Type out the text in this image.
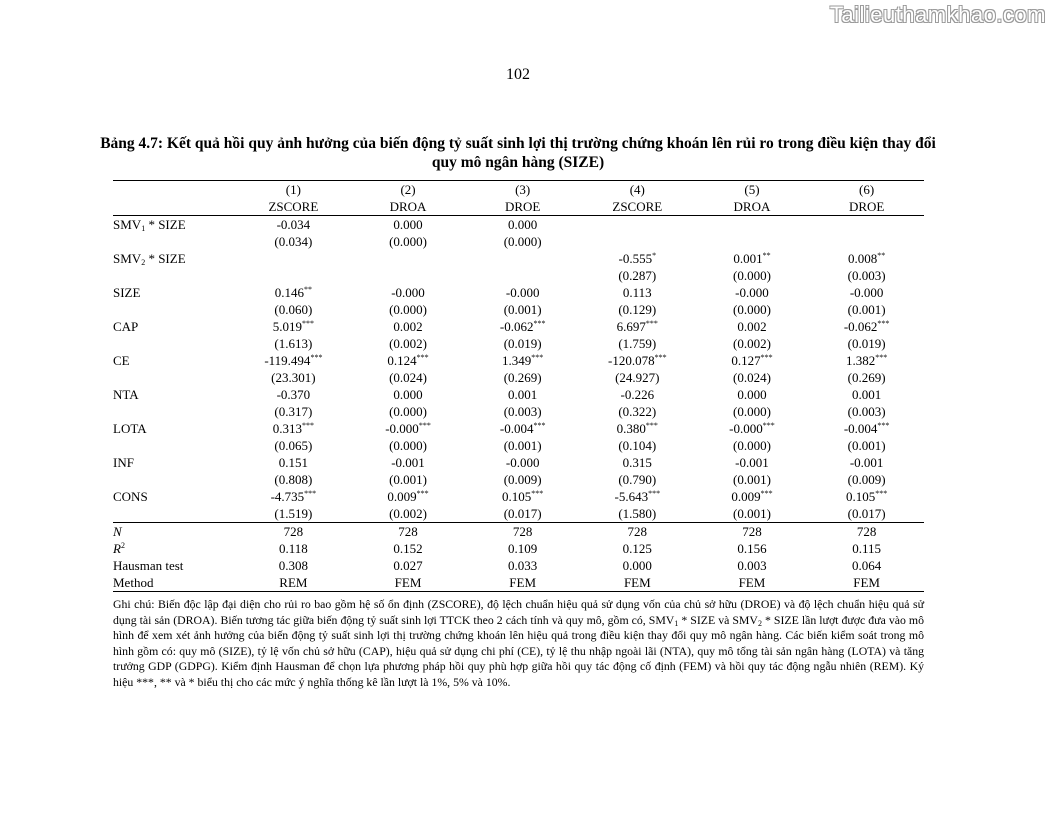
Tailieuthamkhao.com
102
Bảng 4.7: Kết quả hồi quy ảnh hưởng của biến động tỷ suất sinh lợi thị trường chứng khoán lên rủi ro trong điều kiện thay đổi quy mô ngân hàng (SIZE)
	(1)	(2)	(3)	(4)	(5)	(6)
	ZSCORE	DROA	DROE	ZSCORE	DROA	DROE
$SMV_1$ * SIZE	-0.034	0.000	0.000			
	(0.034)	(0.000)	(0.000)			
$SMV_2$ * SIZE				-0.555*	0.001**	0.008**
				(0.287)	(0.000)	(0.003)
SIZE	0.146**	-0.000	-0.000	0.113	-0.000	-0.000
	(0.060)	(0.000)	(0.001)	(0.129)	(0.000)	(0.001)
CAP	5.019***	0.002	-0.062***	6.697***	0.002	-0.062***
	(1.613)	(0.002)	(0.019)	(1.759)	(0.002)	(0.019)
CE	-119.494***	0.124***	1.349***	-120.078***	0.127***	1.382***
	(23.301)	(0.024)	(0.269)	(24.927)	(0.024)	(0.269)
NTA	-0.370	0.000	0.001	-0.226	0.000	0.001
	(0.317)	(0.000)	(0.003)	(0.322)	(0.000)	(0.003)
LOTA	0.313***	-0.000***	-0.004***	0.380***	-0.000***	-0.004***
	(0.065)	(0.000)	(0.001)	(0.104)	(0.000)	(0.001)
INF	0.151	-0.001	-0.000	0.315	-0.001	-0.001
	(0.808)	(0.001)	(0.009)	(0.790)	(0.001)	(0.009)
CONS	-4.735***	0.009***	0.105***	-5.643***	0.009***	0.105***
	(1.519)	(0.002)	(0.017)	(1.580)	(0.001)	(0.017)
N	728	728	728	728	728	728
$R^2$	0.118	0.152	0.109	0.125	0.156	0.115
Hausman test	0.308	0.027	0.033	0.000	0.003	0.064
Method	REM	FEM	FEM	FEM	FEM	FEM
Ghi chú: Biến độc lập đại diện cho rủi ro bao gồm hệ số ổn định (ZSCORE), độ lệch chuẩn hiệu quả sử dụng vốn của chủ sở hữu (DROE) và độ lệch chuẩn hiệu quả sử dụng tài sản (DROA). Biến tương tác giữa biến động tỷ suất sinh lợi TTCK theo 2 cách tính và quy mô, gồm có, $SMV_1$ * SIZE và $SMV_2$ * SIZE lần lượt được đưa vào mô hình để xem xét ảnh hưởng của biến động tỷ suất sinh lợi thị trường chứng khoán lên hiệu quả trong điều kiện thay đổi quy mô ngân hàng. Các biến kiểm soát trong mô hình gồm có: quy mô (SIZE), tỷ lệ vốn chủ sở hữu (CAP), hiệu quả sử dụng chi phí (CE), tỷ lệ thu nhập ngoài lãi (NTA), quy mô tổng tài sản ngân hàng (LOTA) và tăng trưởng GDP (GDPG). Kiểm định Hausman để chọn lựa phương pháp hồi quy phù hợp giữa hồi quy tác động cố định (FEM) và hồi quy tác động ngẫu nhiên (REM). Ký hiệu ***, ** và * biểu thị cho các mức ý nghĩa thống kê lần lượt là 1%, 5% và 10%.
